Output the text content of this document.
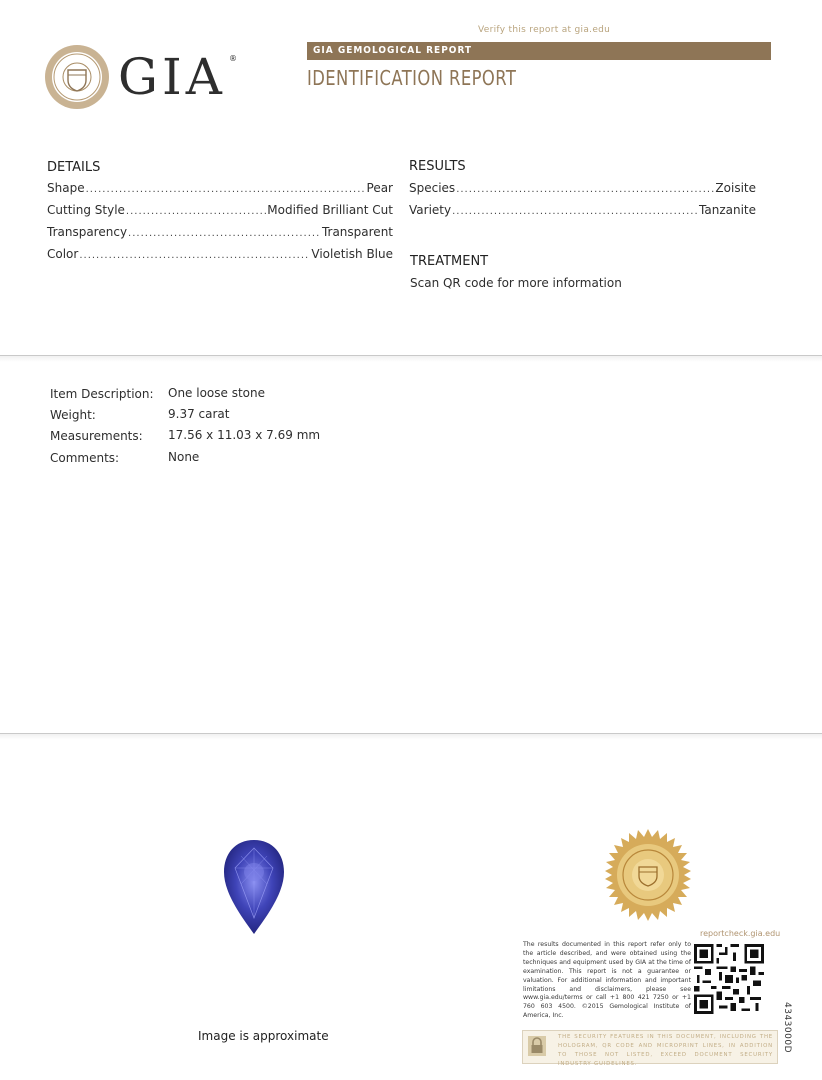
Verify this report at gia.edu
GIA ®
GIA GEMOLOGICAL REPORT
IDENTIFICATION REPORT
DETAILS
Shape .....	Pear
Cutting Style .....	Modified Brilliant Cut
Transparency .....	Transparent
Color .....	Violetish Blue
RESULTS
Species .....	Zoisite
Variety .....	Tanzanite
TREATMENT
Scan QR code for more information
Item Description: One loose stone
Weight:	9.37 carat
Measurements: 17.56 x 11.03 x 7.69 mm
Comments:	None
Image is approximate
reportcheck.gia.edu
The results documented in this report refer only to the article described, and were obtained using the techniques and equipment used by GIA at the time of examination. This report is not a guarantee or valuation. For additional information and important limitations and disclaimers, please see www.gia.edu/terms or call +1 800 421 7250 or +1 760 603 4500. ©2015 Gemological Institute of America, Inc.
THE SECURITY FEATURES IN THIS DOCUMENT, INCLUDING THE HOLOGRAM, QR CODE AND MICROPRINT LINES, IN ADDITION TO THOSE NOT LISTED, EXCEED DOCUMENT SECURITY INDUSTRY GUIDELINES.
4343000D
